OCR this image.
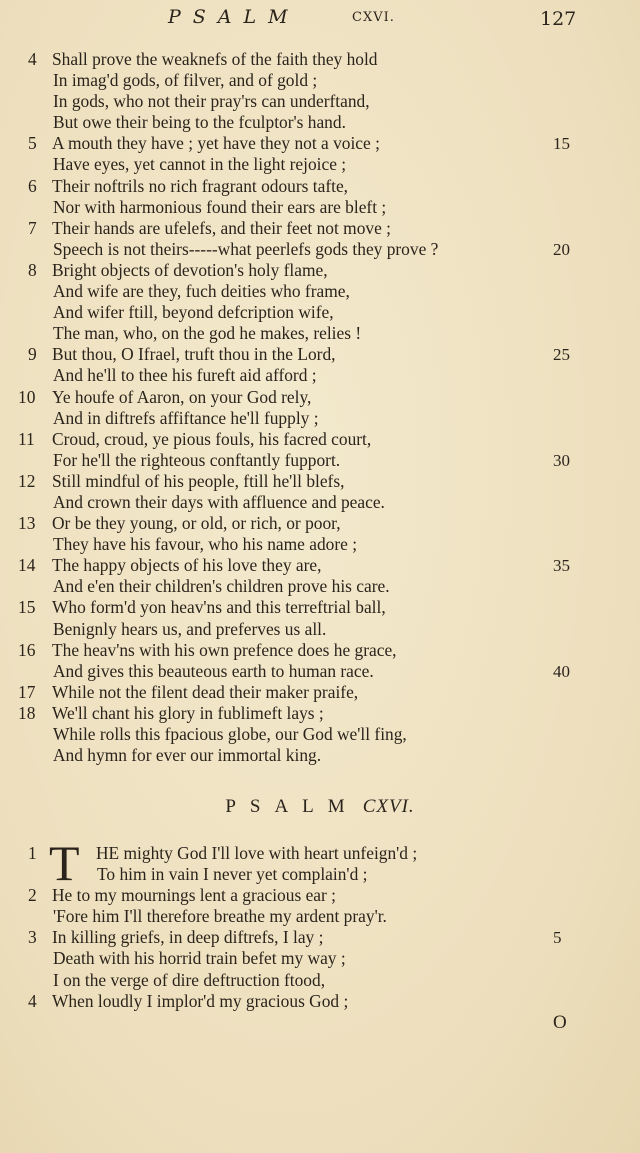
PSALM	CXVI.	127
4 Shall prove the weaknefs of the faith they hold
In imag'd gods, of filver, and of gold ;
In gods, who not their pray'rs can underftand,
But owe their being to the fculptor's hand.
5 A mouth they have ; yet have they not a voice ;	15
Have eyes, yet cannot in the light rejoice ;
6 Their noftrils no rich fragrant odours tafte,
Nor with harmonious found their ears are bleft ;
7 Their hands are ufelefs, and their feet not move ;
Speech is not theirs-----what peerlefs gods they prove ?	20
8 Bright objects of devotion's holy flame,
And wife are they, fuch deities who frame,
And wifer ftill, beyond defcription wife,
The man, who, on the god he makes, relies !
9 But thou, O Ifrael, truft thou in the Lord,	25
And he'll to thee his fureft aid afford ;
10 Ye houfe of Aaron, on your God rely,
And in diftrefs affiftance he'll fupply ;
11 Croud, croud, ye pious fouls, his facred court,
For he'll the righteous conftantly fupport.	30
12 Still mindful of his people, ftill he'll blefs,
And crown their days with affluence and peace.
13 Or be they young, or old, or rich, or poor,
They have his favour, who his name adore ;
14 The happy objects of his love they are,	35
And e'en their children's children prove his care.
15 Who form'd yon heav'ns and this terreftrial ball,
Benignly hears us, and preferves us all.
16 The heav'ns with his own prefence does he grace,
And gives this beauteous earth to human race.	40
17 While not the filent dead their maker praife,
18 We'll chant his glory in fublimeft lays ;
While rolls this fpacious globe, our God we'll fing,
And hymn for ever our immortal king.
PSALM CXVI.
T
1	HE mighty God I'll love with heart unfeign'd ;
To him in vain I never yet complain'd ;
2 He to my mournings lent a gracious ear ;
'Fore him I'll therefore breathe my ardent pray'r.
3 In killing griefs, in deep diftrefs, I lay ;	5
Death with his horrid train befet my way ;
I on the verge of dire deftruction ftood,
4 When loudly I implor'd my gracious God ;
O
